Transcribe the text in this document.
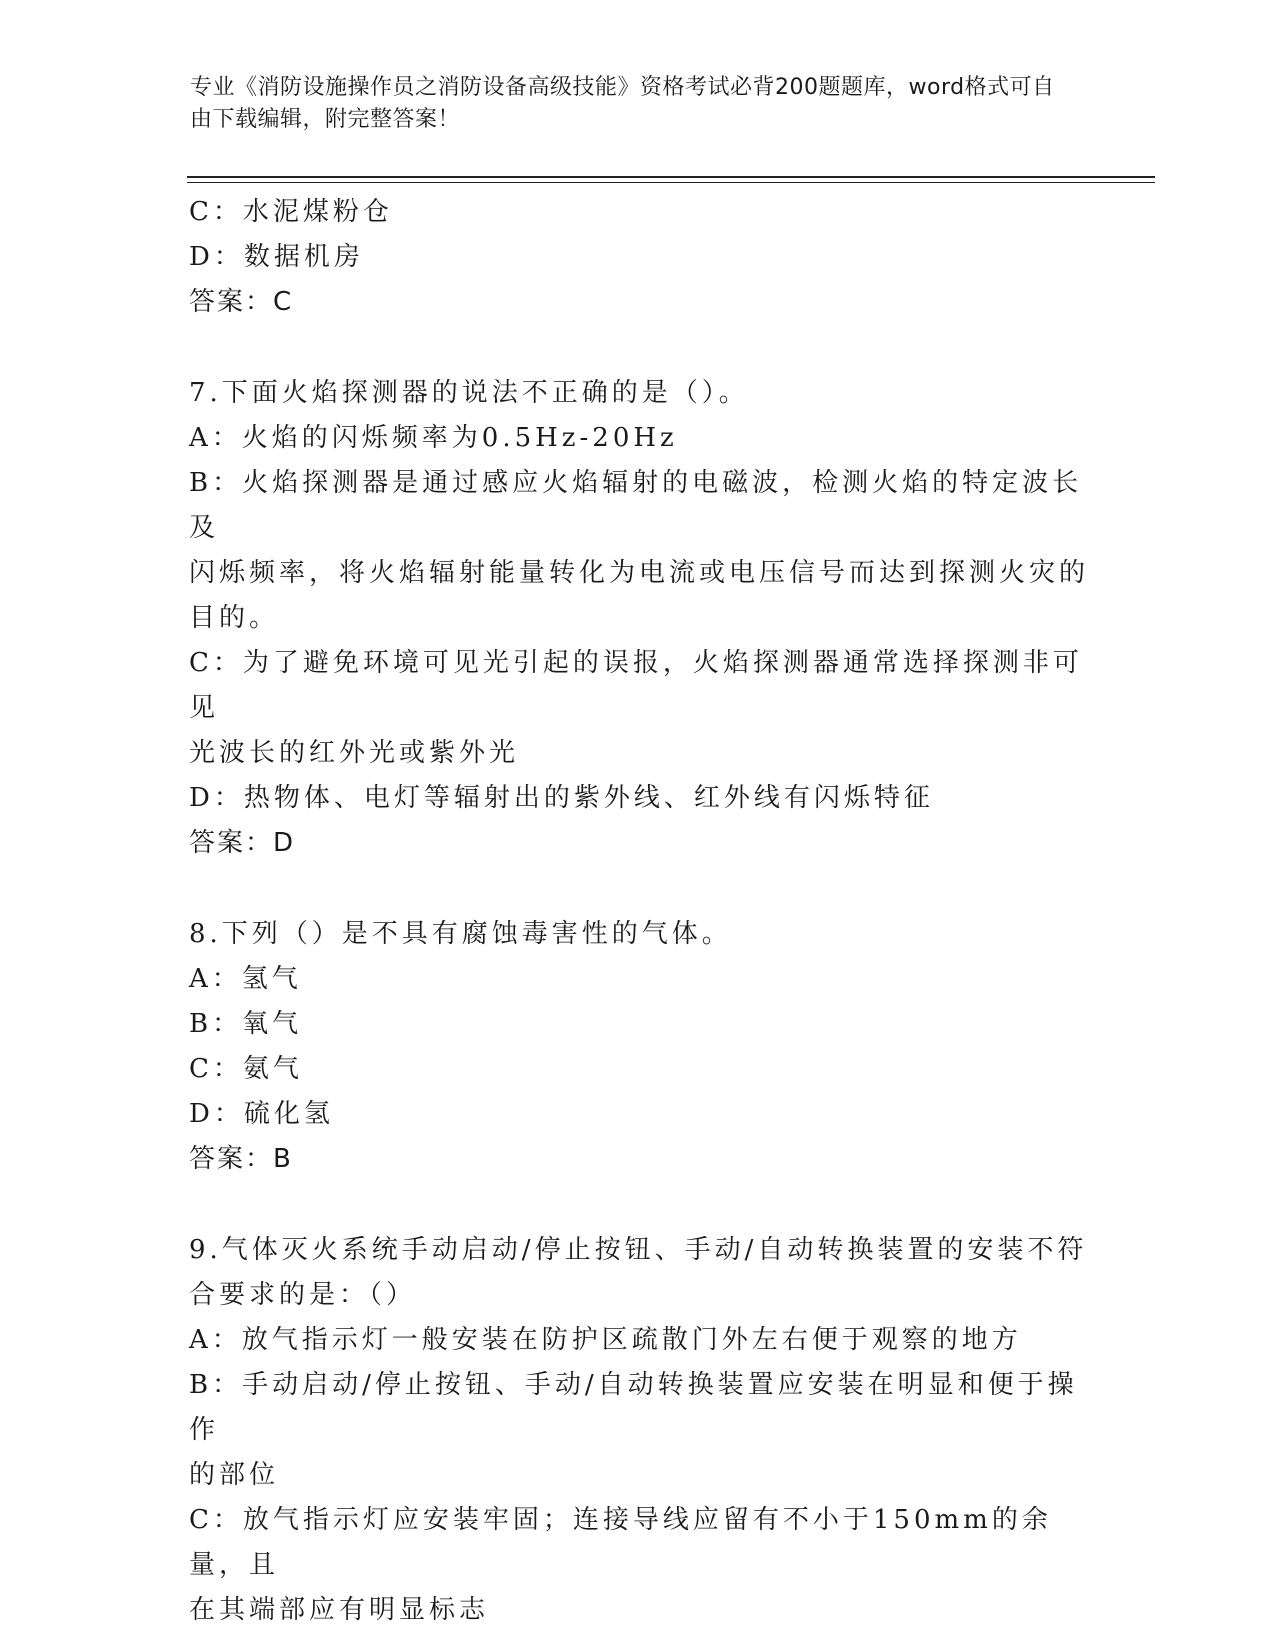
专业《消防设施操作员之消防设备高级技能》资格考试必背200题题库，word格式可自由下载编辑，附完整答案！

C：水泥煤粉仓

D：数据机房

答案：C

7.下面火焰探测器的说法不正确的是（）。

A：火焰的闪烁频率为0.5Hz-20Hz

B：火焰探测器是通过感应火焰辐射的电磁波，检测火焰的特定波长及

闪烁频率，将火焰辐射能量转化为电流或电压信号而达到探测火灾的

目的。

C：为了避免环境可见光引起的误报，火焰探测器通常选择探测非可见

光波长的红外光或紫外光

D：热物体、电灯等辐射出的紫外线、红外线有闪烁特征

答案：D

8.下列（）是不具有腐蚀毒害性的气体。

A：氢气

B：氧气

C：氨气

D：硫化氢

答案：B

9.气体灭火系统手动启动/停止按钮、手动/自动转换装置的安装不符

合要求的是：（）

A：放气指示灯一般安装在防护区疏散门外左右便于观察的地方

B：手动启动/停止按钮、手动/自动转换装置应安装在明显和便于操作

的部位

C：放气指示灯应安装牢固；连接导线应留有不小于150mm的余量，且

在其端部应有明显标志
